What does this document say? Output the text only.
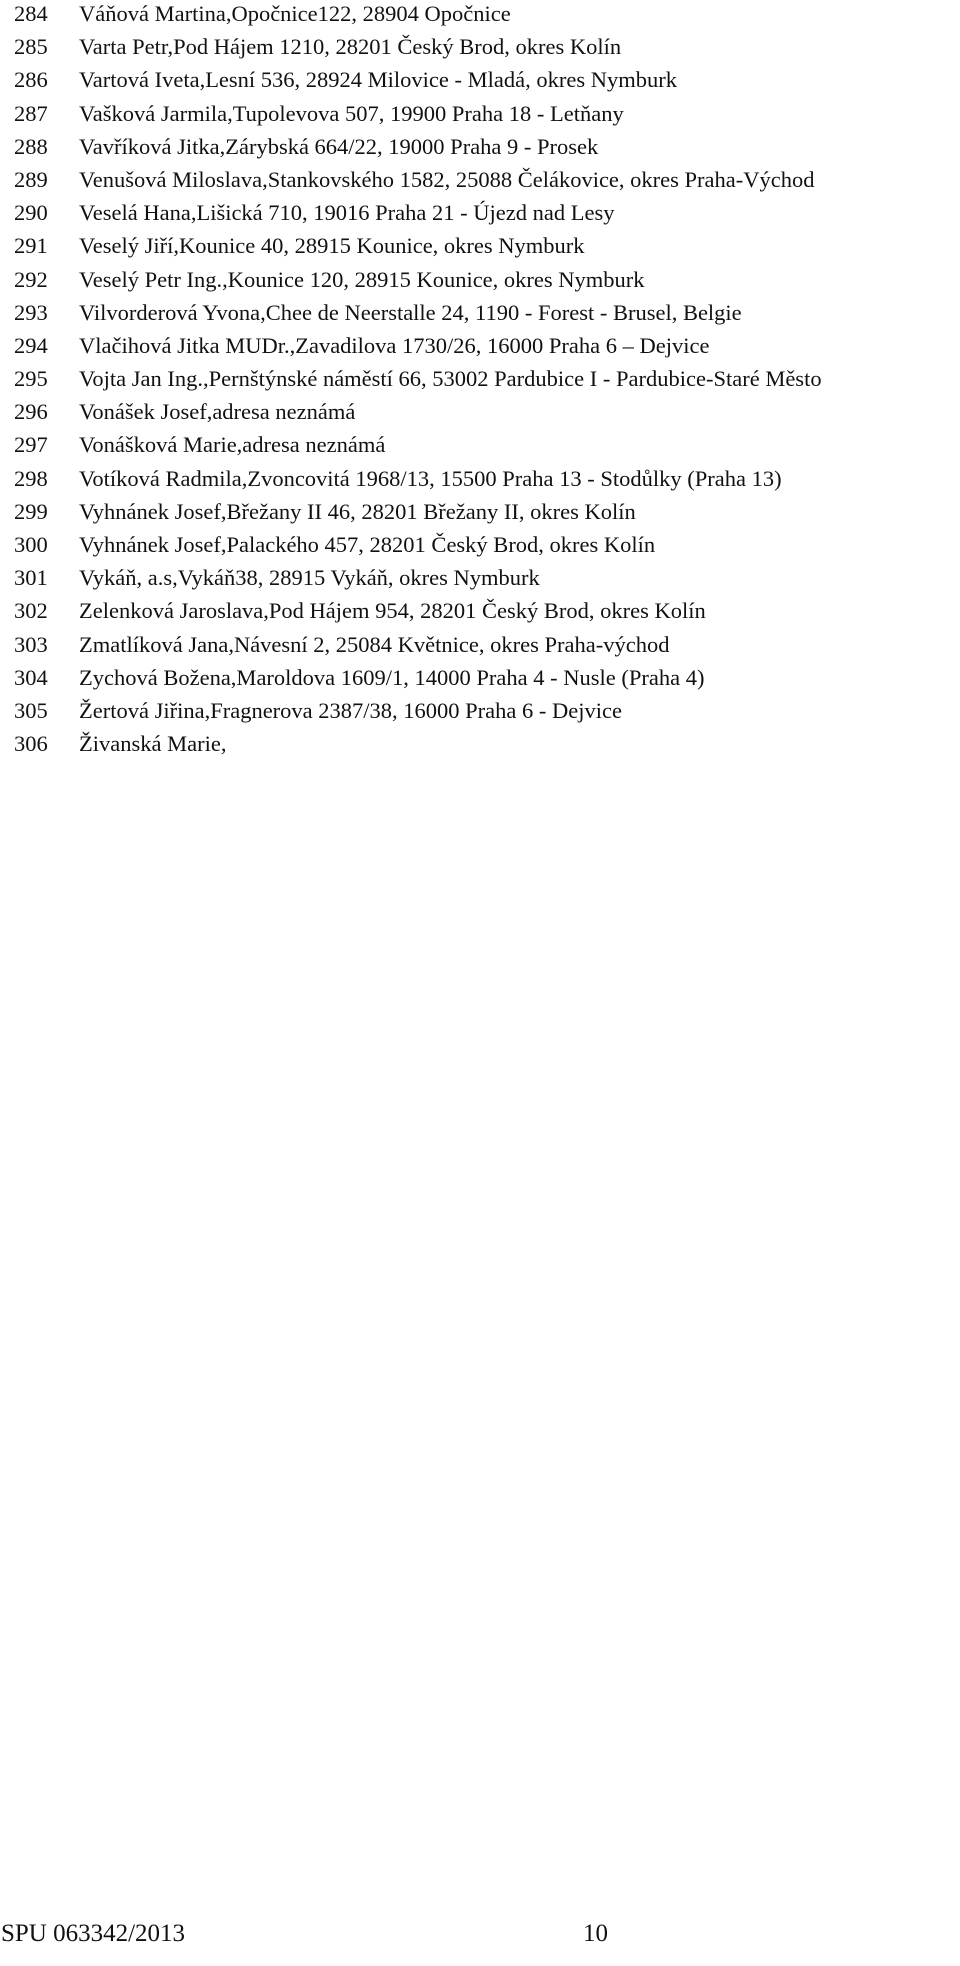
284	Váňová Martina,Opočnice122, 28904 Opočnice
285	Varta Petr,Pod Hájem 1210, 28201 Český Brod, okres Kolín
286	Vartová Iveta,Lesní 536, 28924 Milovice - Mladá, okres Nymburk
287	Vašková Jarmila,Tupolevova 507, 19900 Praha 18 - Letňany
288	Vavříková Jitka,Zárybská 664/22, 19000 Praha 9 - Prosek
289	Venušová Miloslava,Stankovského 1582, 25088 Čelákovice, okres Praha-Východ
290	Veselá Hana,Lišická 710, 19016 Praha 21 - Újezd nad Lesy
291	Veselý Jiří,Kounice 40, 28915 Kounice, okres Nymburk
292	Veselý Petr Ing.,Kounice 120, 28915 Kounice, okres Nymburk
293	Vilvorderová Yvona,Chee de Neerstalle 24, 1190 - Forest - Brusel, Belgie
294	Vlačihová Jitka MUDr.,Zavadilova 1730/26, 16000 Praha 6 – Dejvice
295	Vojta Jan Ing.,Pernštýnské náměstí 66, 53002 Pardubice I - Pardubice-Staré Město
296	Vonášek Josef,adresa neznámá
297	Vonášková Marie,adresa neznámá
298	Votíková Radmila,Zvoncovitá 1968/13, 15500 Praha 13 - Stodůlky (Praha 13)
299	Vyhnánek Josef,Břežany II 46, 28201 Břežany II, okres Kolín
300	Vyhnánek Josef,Palackého 457, 28201 Český Brod, okres Kolín
301	Vykáň, a.s,Vykáň38, 28915 Vykáň, okres Nymburk
302	Zelenková Jaroslava,Pod Hájem 954, 28201 Český Brod, okres Kolín
303	Zmatlíková Jana,Návesní 2, 25084 Květnice, okres Praha-východ
304	Zychová Božena,Maroldova 1609/1, 14000 Praha 4 - Nusle (Praha 4)
305	Žertová Jiřina,Fragnerova 2387/38, 16000 Praha 6 - Dejvice
306	Živanská Marie,
SPU 063342/2013	10
